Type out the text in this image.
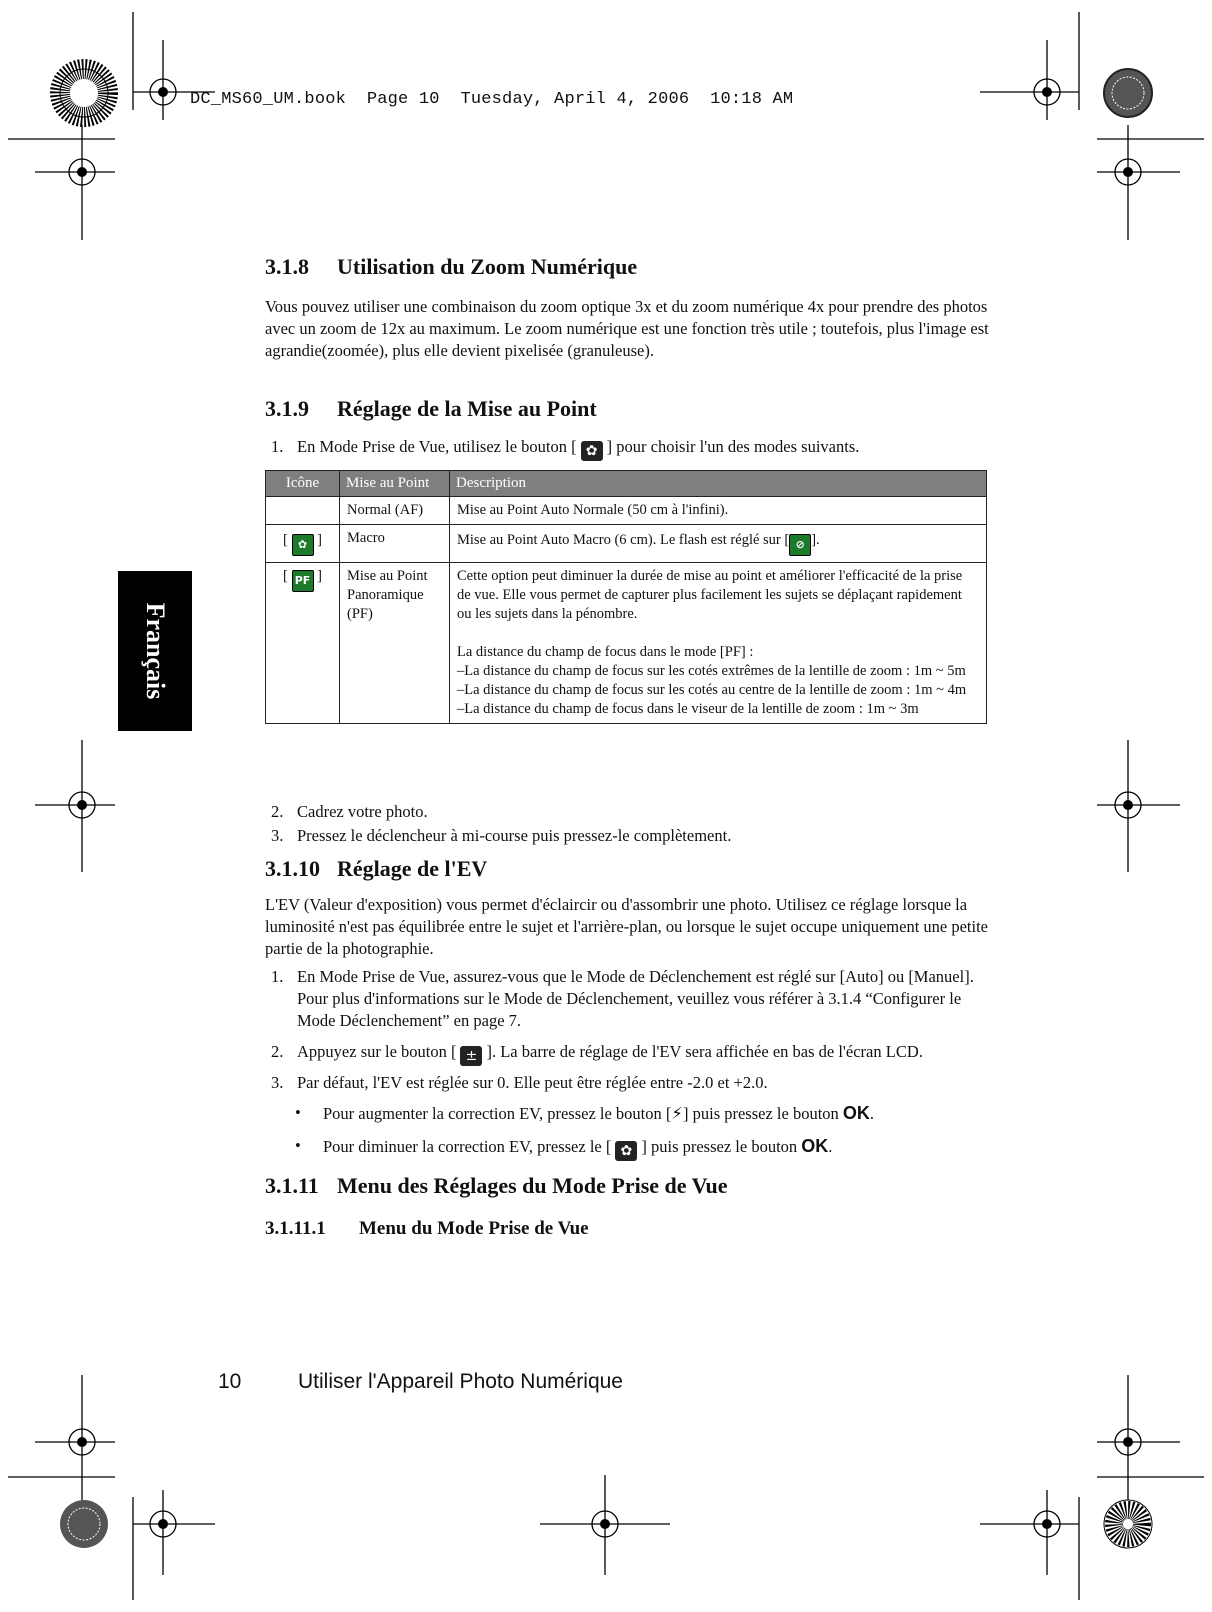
DC_MS60_UM.book  Page 10  Tuesday, April 4, 2006  10:18 AM
Français
3.1.8 Utilisation du Zoom Numérique
Vous pouvez utiliser une combinaison du zoom optique 3x et du zoom numérique 4x pour prendre des photos avec un zoom de 12x au maximum. Le zoom numérique est une fonction très utile ; toutefois, plus l'image est agrandie(zoomée), plus elle devient pixelisée (granuleuse).
3.1.9 Réglage de la Mise au Point
1. En Mode Prise de Vue, utilisez le bouton [ ✿ ] pour choisir l'un des modes suivants.
Icône	Mise au Point	Description
	Normal (AF)	Mise au Point Auto Normale (50 cm à l'infini).
[ ✿ ]	Macro	Mise au Point Auto Macro (6 cm). Le flash est réglé sur [ ⊘ ].
[ PF ]	Mise au Point Panoramique (PF)	Cette option peut diminuer la durée de mise au point et améliorer l'efficacité de la prise de vue. Elle vous permet de capturer plus facilement les sujets se déplaçant rapidement ou les sujets dans la pénombre.
La distance du champ de focus dans le mode [PF] :
–La distance du champ de focus sur les cotés extrêmes de la lentille de zoom : 1m ~ 5m
–La distance du champ de focus sur les cotés au centre de la lentille de zoom : 1m ~ 4m
–La distance du champ de focus dans le viseur de la lentille de zoom : 1m ~ 3m
2. Cadrez votre photo.
3. Pressez le déclencheur à mi-course puis pressez-le complètement.
3.1.10 Réglage de l'EV
L'EV (Valeur d'exposition) vous permet d'éclaircir ou d'assombrir une photo. Utilisez ce réglage lorsque la luminosité n'est pas équilibrée entre le sujet et l'arrière-plan, ou lorsque le sujet occupe uniquement une petite partie de la photographie.
1. En Mode Prise de Vue, assurez-vous que le Mode de Déclenchement est réglé sur [Auto] ou [Manuel]. Pour plus d'informations sur le Mode de Déclenchement, veuillez vous référer à 3.1.4 “Configurer le Mode Déclenchement” en page 7.
2. Appuyez sur le bouton [ ± ]. La barre de réglage de l'EV sera affichée en bas de l'écran LCD.
3. Par défaut, l'EV est réglée sur 0. Elle peut être réglée entre -2.0 et +2.0.
• Pour augmenter la correction EV, pressez le bouton [⚡] puis pressez le bouton OK.
• Pour diminuer la correction EV, pressez le [ ✿ ] puis pressez le bouton OK.
3.1.11 Menu des Réglages du Mode Prise de Vue
3.1.11.1 Menu du Mode Prise de Vue
10	Utiliser l'Appareil Photo Numérique
